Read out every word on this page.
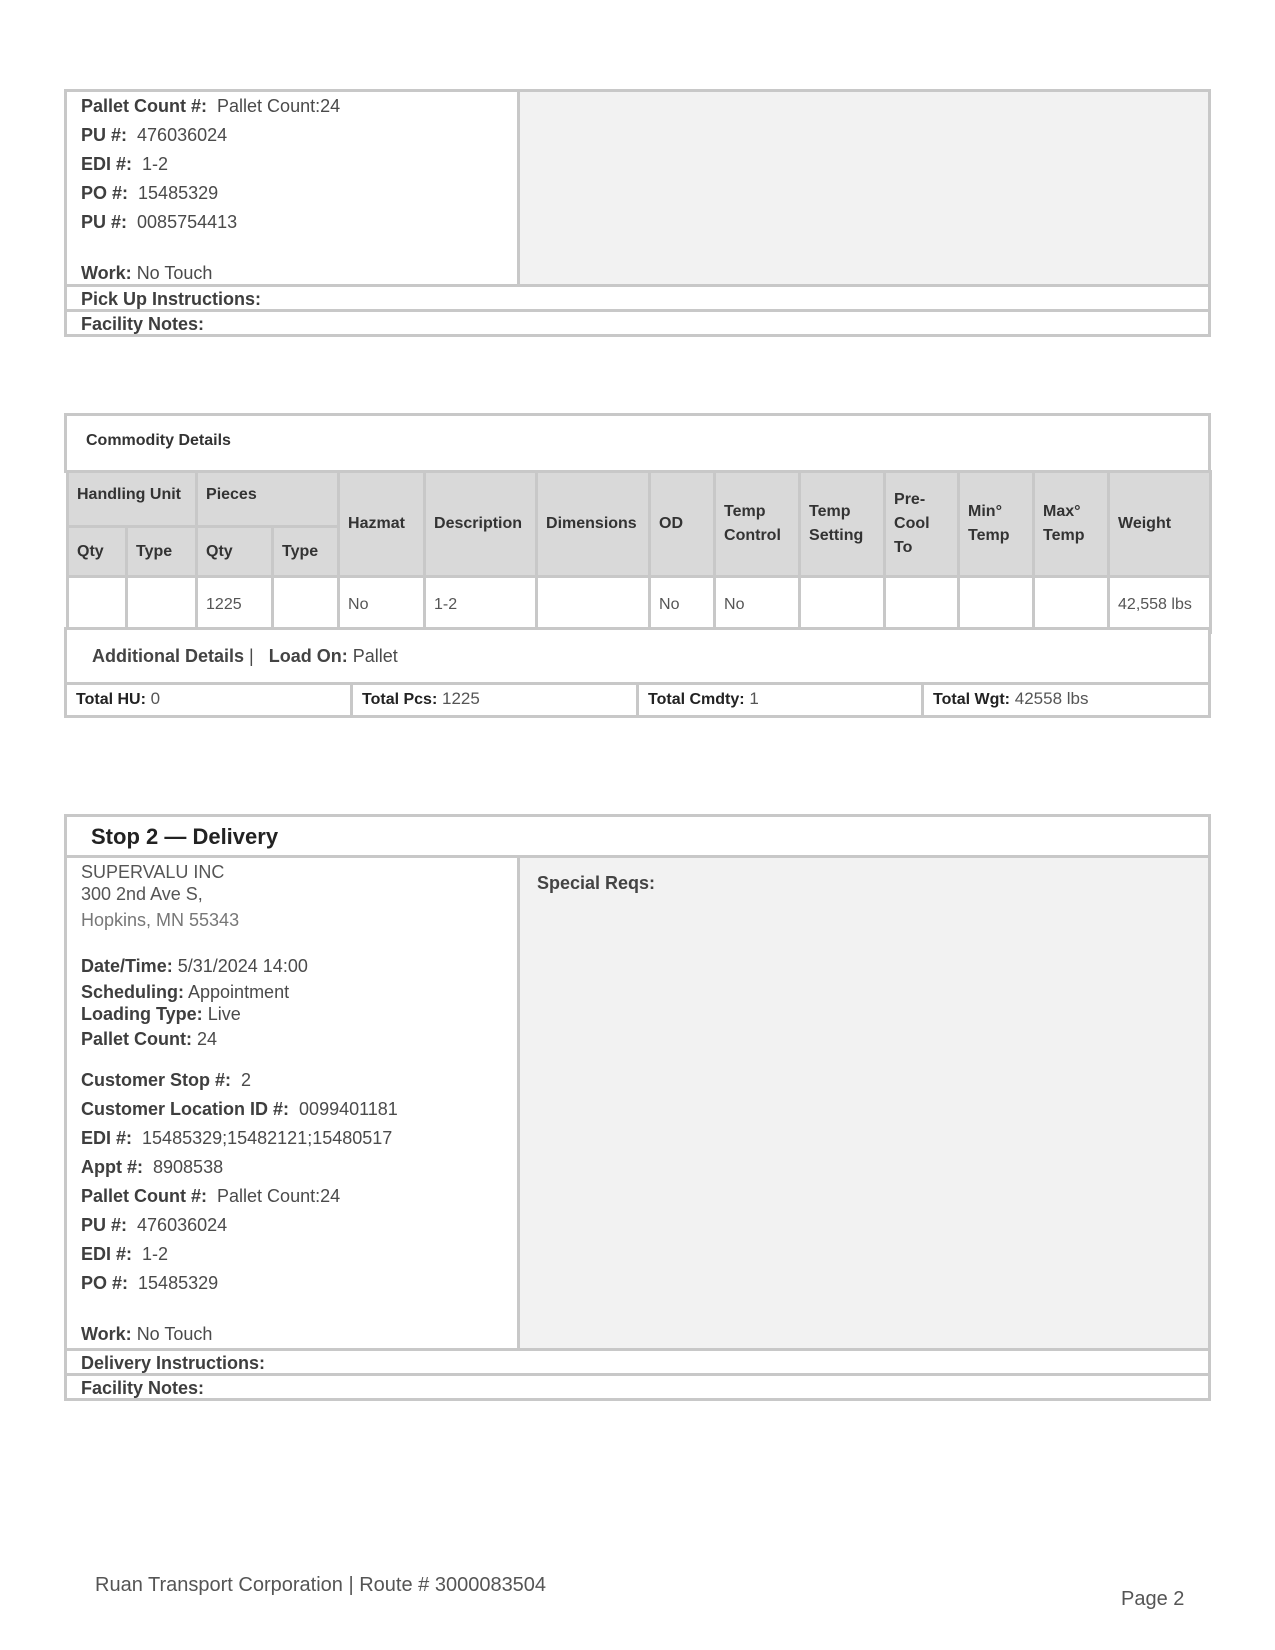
Pallet Count #: Pallet Count:24
PU #: 476036024
EDI #: 1-2
PO #: 15485329
PU #: 0085754413
Work: No Touch
Pick Up Instructions:
Facility Notes:
Commodity Details
Handling Unit		Pieces		Hazmat	Description	Dimensions	OD	Temp Control	Temp Setting	Pre-Cool To	Min° Temp	Max° Temp	Weight
Qty	Type	Qty	Type										
		1225		No	1-2		No	No					42,558 lbs
Additional Details | Load On: Pallet
Total HU: 0	Total Pcs: 1225	Total Cmdty: 1	Total Wgt: 42558 lbs
Stop 2 — Delivery
Special Reqs:
SUPERVALU INC
300 2nd Ave S,
Hopkins, MN 55343
Date/Time: 5/31/2024 14:00
Scheduling: Appointment
Loading Type: Live
Pallet Count: 24
Customer Stop #: 2
Customer Location ID #: 0099401181
EDI #: 15485329;15482121;15480517
Appt #: 8908538
Pallet Count #: Pallet Count:24
PU #: 476036024
EDI #: 1-2
PO #: 15485329
Work: No Touch
Delivery Instructions:
Facility Notes:
Ruan Transport Corporation | Route # 3000083504
Page 2
